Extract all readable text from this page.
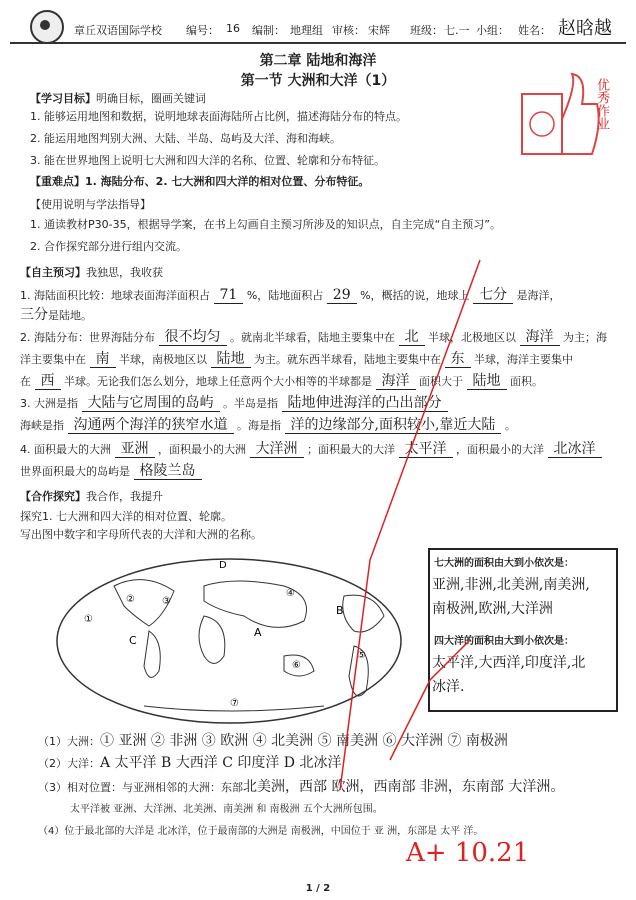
章丘双语国际学校 编号： 16 编制： 地理组 审核： 宋辉 班级： 七.一 小组： 姓名： 赵晗越
第二章 陆地和海洋
第一节 大洲和大洋（1）	优秀作业
【学习目标】明确目标，圈画关键词
1. 能够运用地图和数据，说明地球表面海陆所占比例，描述海陆分布的特点。
2. 能运用地图判别大洲、大陆、半岛、岛屿及大洋、海和海峡。
3. 能在世界地图上说明七大洲和四大洋的名称、位置、轮廓和分布特征。
【重难点】1. 海陆分布、2. 七大洲和四大洋的相对位置、分布特征。
【使用说明与学法指导】
1. 通读教材P30-35，根据导学案，在书上勾画自主预习所涉及的知识点，自主完成“自主预习”。
2. 合作探究部分进行组内交流。
【自主预习】我独思，我收获
1. 海陆面积比较：地球表面海洋面积占 71 %，陆地面积占 29 %，概括的说，地球上 七分 是海洋，
三分是陆地。
2. 海陆分布：世界海陆分布 很不均匀 。就南北半球看，陆地主要集中在 北 半球，北极地区以 海洋 为主；海
洋主要集中在 南 半球，南极地区以 陆地 为主。就东西半球看，陆地主要集中在 东 半球，海洋主要集中
在 西 半球。无论我们怎么划分，地球上任意两个大小相等的半球都是 海洋 面积大于 陆地 面积。
3. 大洲是指 大陆与它周围的岛屿 。半岛是指 陆地伸进海洋的凸出部分
海峡是指 沟通两个海洋的狭窄水道 。海是指 洋的边缘部分,面积较小,靠近大陆 。
4. 面积最大的大洲 亚洲 ，面积最小的大洲 大洋洲 ；面积最大的大洋 太平洋 ，面积最小的大洋 北冰洋
世界面积最大的岛屿是 格陵兰岛
【合作探究】我合作，我提升
探究1. 七大洲和四大洋的相对位置、轮廓。
写出图中数字和字母所代表的大洋和大洲的名称。
D
②	③
④
⑤
⑥
⑦
①
C
A
B
七大洲的面积由大到小依次是：
亚洲,非洲,北美洲,南美洲,
南极洲,欧洲,大洋洲
四大洋的面积由大到小依次是：
太平洋,大西洋,印度洋,北
冰洋.
（1）大洲：① 亚洲 ② 非洲 ③ 欧洲 ④ 北美洲 ⑤ 南美洲 ⑥ 大洋洲 ⑦ 南极洲
（2）大洋：A 太平洋 B 大西洋 C 印度洋 D 北冰洋
（3）相对位置：与亚洲相邻的大洲：东部北美洲，西部 欧洲，西南部 非洲，东南部 大洋洲。
太平洋被 亚洲、大洋洲、北美洲、南美洲 和 南极洲 五个大洲所包围。
（4）位于最北部的大洋是 北冰洋，位于最南部的大洲是 南极洲，中国位于 亚 洲，东部是 太平 洋。
A+ 10.21
1 / 2
